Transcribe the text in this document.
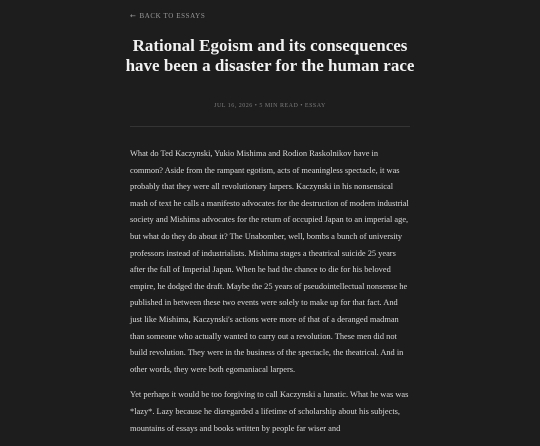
← BACK TO ESSAYS
Rational Egoism and its consequences have been a disaster for the human race
JUL 16, 2026 • 5 MIN READ • ESSAY

What do Ted Kaczynski, Yukio Mishima and Rodion Raskolnikov have in common? Aside from the rampant egotism, acts of meaningless spectacle, it was probably that they were all revolutionary larpers. Kaczynski in his nonsensical mash of text he calls a manifesto advocates for the destruction of modern industrial society and Mishima advocates for the return of occupied Japan to an imperial age, but what do they do about it? The Unabomber, well, bombs a bunch of university professors instead of industrialists. Mishima stages a theatrical suicide 25 years after the fall of Imperial Japan. When he had the chance to die for his beloved empire, he dodged the draft. Maybe the 25 years of pseudointellectual nonsense he published in between these two events were solely to make up for that fact. And just like Mishima, Kaczynski's actions were more of that of a deranged madman than someone who actually wanted to carry out a revolution. These men did not build revolution. They were in the business of the spectacle, the theatrical. And in other words, they were both egomaniacal larpers.

Yet perhaps it would be too forgiving to call Kaczynski a lunatic. What he was was *lazy*. Lazy because he disregarded a lifetime of scholarship about his subjects, mountains of essays and books written by people far wiser and
